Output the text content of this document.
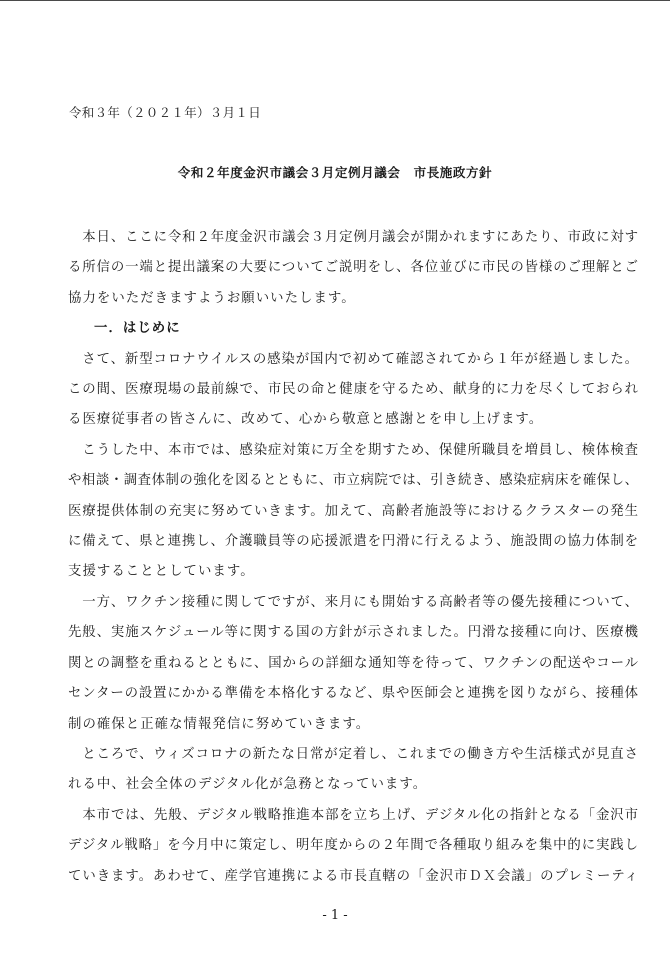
令和３年（２０２１年）３月１日
令和２年度金沢市議会３月定例月議会　市長施政方針
　本日、ここに令和２年度金沢市議会３月定例月議会が開かれますにあたり、市政に対す
る所信の一端と提出議案の大要についてご説明をし、各位並びに市民の皆様のご理解とご
協力をいただきますようお願いいたします。
一．はじめに
　さて、新型コロナウイルスの感染が国内で初めて確認されてから１年が経過しました。
この間、医療現場の最前線で、市民の命と健康を守るため、献身的に力を尽くしておられ
る医療従事者の皆さんに、改めて、心から敬意と感謝とを申し上げます。
　こうした中、本市では、感染症対策に万全を期すため、保健所職員を増員し、検体検査
や相談・調査体制の強化を図るとともに、市立病院では、引き続き、感染症病床を確保し、
医療提供体制の充実に努めていきます。加えて、高齢者施設等におけるクラスターの発生
に備えて、県と連携し、介護職員等の応援派遣を円滑に行えるよう、施設間の協力体制を
支援することとしています。
　一方、ワクチン接種に関してですが、来月にも開始する高齢者等の優先接種について、
先般、実施スケジュール等に関する国の方針が示されました。円滑な接種に向け、医療機
関との調整を重ねるとともに、国からの詳細な通知等を待って、ワクチンの配送やコール
センターの設置にかかる準備を本格化するなど、県や医師会と連携を図りながら、接種体
制の確保と正確な情報発信に努めていきます。
　ところで、ウィズコロナの新たな日常が定着し、これまでの働き方や生活様式が見直さ
れる中、社会全体のデジタル化が急務となっています。
　本市では、先般、デジタル戦略推進本部を立ち上げ、デジタル化の指針となる「金沢市
デジタル戦略」を今月中に策定し、明年度からの２年間で各種取り組みを集中的に実践し
ていきます。あわせて、産学官連携による市長直轄の「金沢市ＤＸ会議」のプレミーティ
- 1 -
